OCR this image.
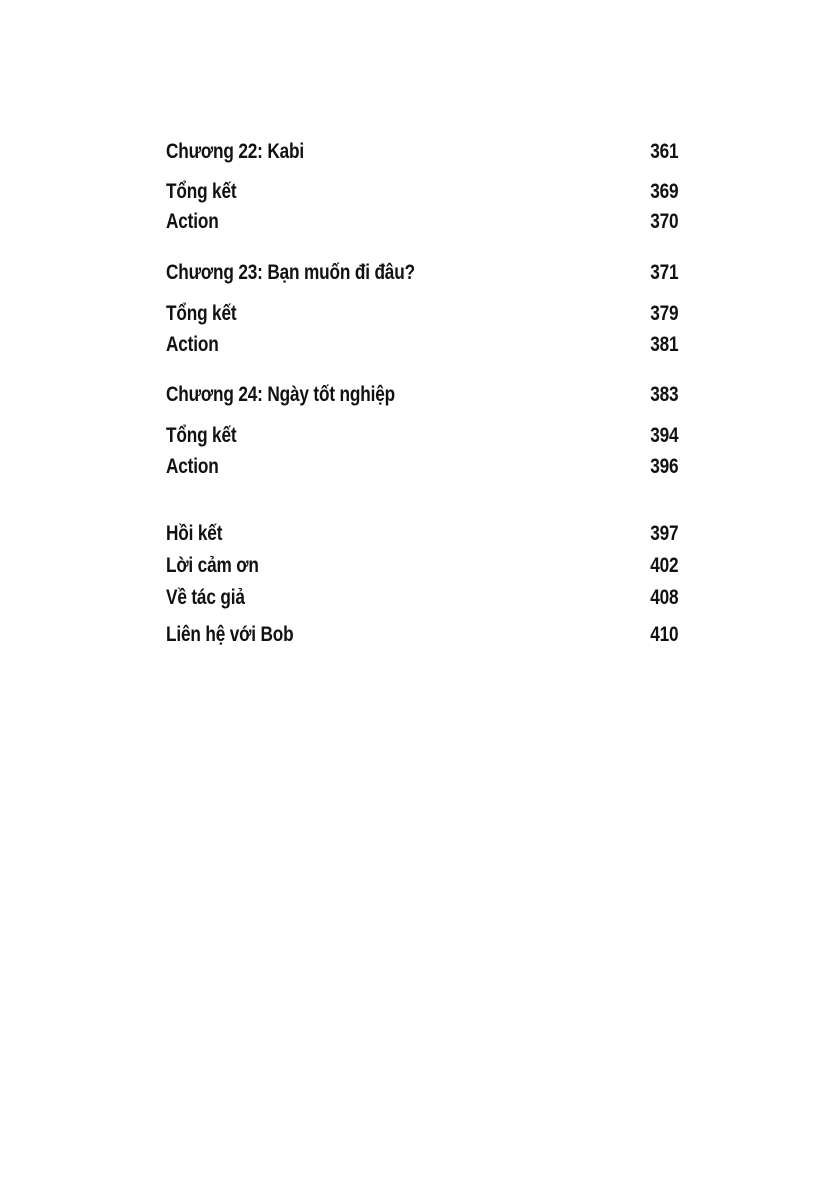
Chương 22: Kabi	361
Tổng kết	369
Action	370
Chương 23: Bạn muốn đi đâu?	371
Tổng kết	379
Action	381
Chương 24: Ngày tốt nghiệp	383
Tổng kết	394
Action	396
Hồi kết	397
Lời cảm ơn	402
Về tác giả	408
Liên hệ với Bob	410
